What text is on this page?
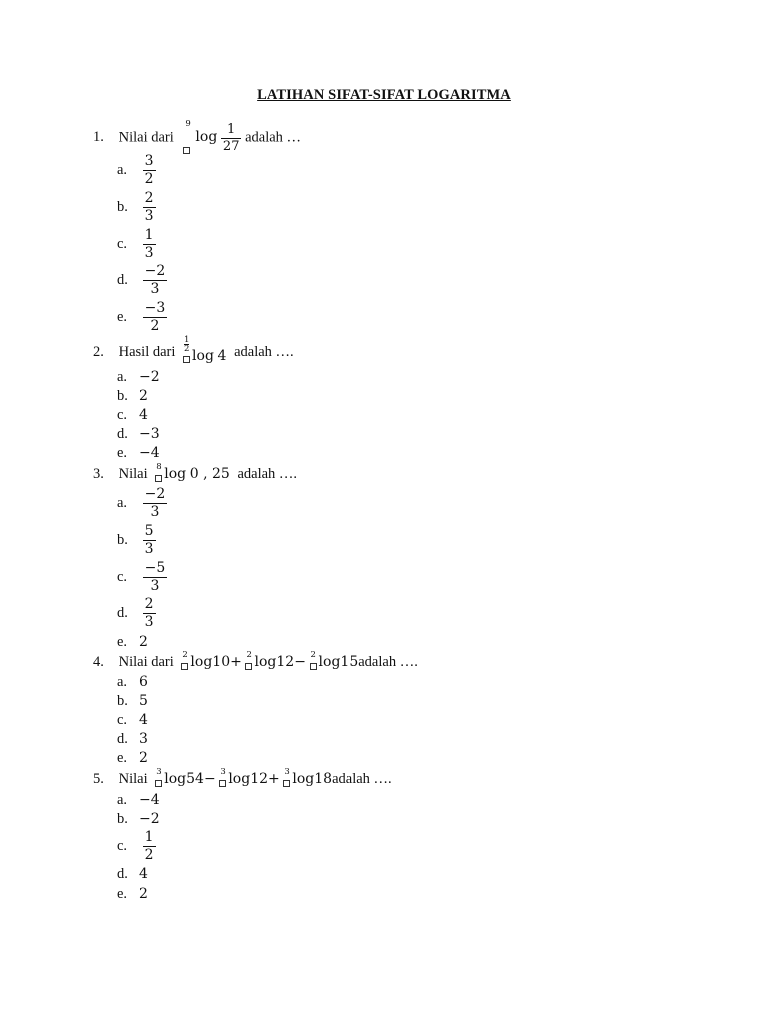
LATIHAN SIFAT-SIFAT LOGARITMA
1. Nilai dari
9
$\log \frac{1}{27}$ adalah …
a. $\frac{3}{2}$
b. $\frac{2}{3}$
c. $\frac{1}{3}$
d. $\frac{-2}{3}$
e. $\frac{-3}{2}$
2. Hasil dari $\frac{1}{2}$
log 4 adalah ….
a. −2
b. 2
c. 4
d. −3
e. −4
3. Nilai 8 log 0 , 25 adalah ….
a. $\frac{-2}{3}$
b. $\frac{5}{3}$
c. $\frac{-5}{3}$
d. $\frac{2}{3}$
e. 2
4. Nilai dari 2 log10+ 2 log12− 2 log15adalah ….
a. 6
b. 5
c. 4
d. 3
e. 2
5. Nilai 3 log54− 3 log12+ 3 log18adalah ….
a. −4
b. −2
c. $\frac{1}{2}$
d. 4
e. 2
